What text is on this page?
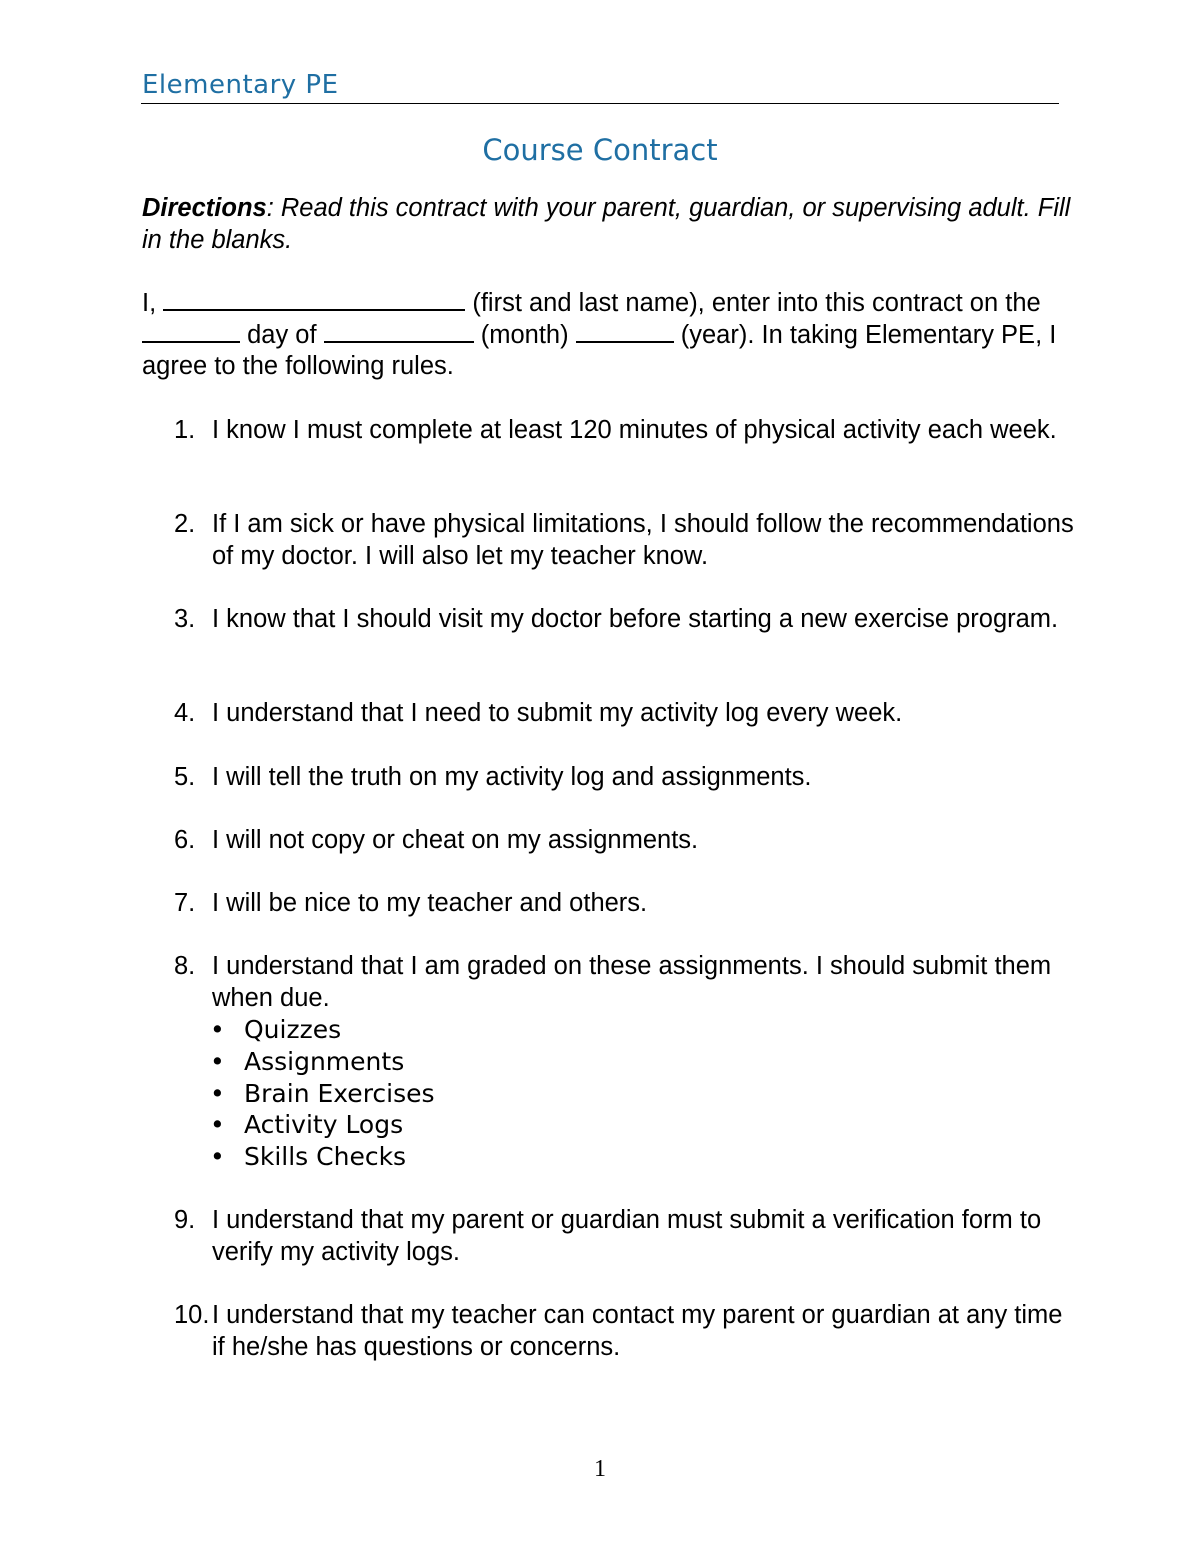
Elementary PE
Course Contract
Directions: Read this contract with your parent, guardian, or supervising adult. Fill in the blanks.
I,	(first and last name), enter into this contract on the  day of	(month)	(year). In taking Elementary PE, I agree to the following rules.
1. I know I must complete at least 120 minutes of physical activity each week.
2. If I am sick or have physical limitations, I should follow the recommendations of my doctor. I will also let my teacher know.
3. I know that I should visit my doctor before starting a new exercise program.
4. I understand that I need to submit my activity log every week.
5. I will tell the truth on my activity log and assignments.
6. I will not copy or cheat on my assignments.
7. I will be nice to my teacher and others.
8. I understand that I am graded on these assignments. I should submit them when due.
• Quizzes
• Assignments
• Brain Exercises
• Activity Logs
• Skills Checks
9. I understand that my parent or guardian must submit a verification form to verify my activity logs.
10. I understand that my teacher can contact my parent or guardian at any time if he/she has questions or concerns.
1
